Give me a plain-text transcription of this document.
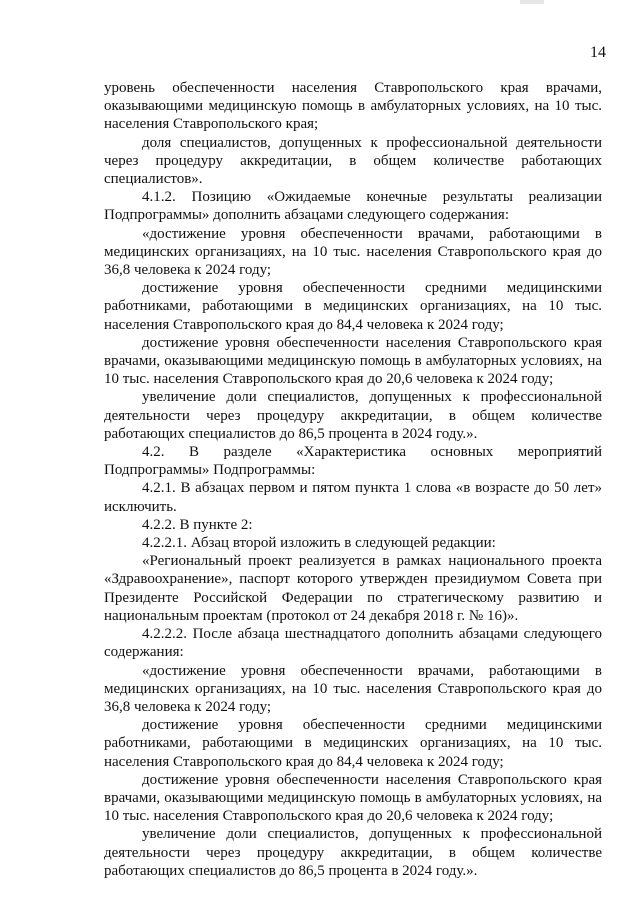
14

уровень обеспеченности населения Ставропольского края врачами, оказывающими медицинскую помощь в амбулаторных условиях, на 10 тыс. населения Ставропольского края;

доля специалистов, допущенных к профессиональной деятельности через процедуру аккредитации, в общем количестве работающих специалистов».

4.1.2. Позицию «Ожидаемые конечные результаты реализации Подпрограммы» дополнить абзацами следующего содержания:

«достижение уровня обеспеченности врачами, работающими в медицинских организациях, на 10 тыс. населения Ставропольского края до 36,8 человека к 2024 году;

достижение уровня обеспеченности средними медицинскими работниками, работающими в медицинских организациях, на 10 тыс. населения Ставропольского края до 84,4 человека к 2024 году;

достижение уровня обеспеченности населения Ставропольского края врачами, оказывающими медицинскую помощь в амбулаторных условиях, на 10 тыс. населения Ставропольского края до 20,6 человека к 2024 году;

увеличение доли специалистов, допущенных к профессиональной деятельности через процедуру аккредитации, в общем количестве работающих специалистов до 86,5 процента в 2024 году.».

4.2. В разделе «Характеристика основных мероприятий Подпрограммы» Подпрограммы:

4.2.1. В абзацах первом и пятом пункта 1 слова «в возрасте до 50 лет» исключить.

4.2.2. В пункте 2:

4.2.2.1. Абзац второй изложить в следующей редакции:

«Региональный проект реализуется в рамках национального проекта «Здравоохранение», паспорт которого утвержден президиумом Совета при Президенте Российской Федерации по стратегическому развитию и национальным проектам (протокол от 24 декабря 2018 г. № 16)».

4.2.2.2. После абзаца шестнадцатого дополнить абзацами следующего содержания:

«достижение уровня обеспеченности врачами, работающими в медицинских организациях, на 10 тыс. населения Ставропольского края до 36,8 человека к 2024 году;

достижение уровня обеспеченности средними медицинскими работниками, работающими в медицинских организациях, на 10 тыс. населения Ставропольского края до 84,4 человека к 2024 году;

достижение уровня обеспеченности населения Ставропольского края врачами, оказывающими медицинскую помощь в амбулаторных условиях, на 10 тыс. населения Ставропольского края до 20,6 человека к 2024 году;

увеличение доли специалистов, допущенных к профессиональной деятельности через процедуру аккредитации, в общем количестве работающих специалистов до 86,5 процента в 2024 году.».
